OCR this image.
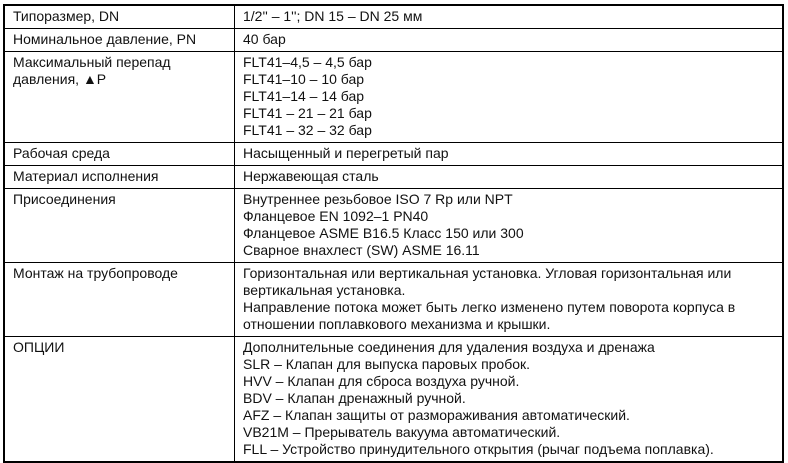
Типоразмер, DN	1/2'' – 1''; DN 15 – DN 25 мм

Номинальное давление, PN	40 бар

Максимальный перепад давления, ▲P	FLT41–4,5 – 4,5 бар
FLT41–10 – 10 бар
FLT41–14 – 14 бар
FLT41 – 21 – 21 бар
FLT41 – 32 – 32 бар

Рабочая среда	Насыщенный и перегретый пар

Материал исполнения	Нержавеющая сталь

Присоединения	Внутреннее резьбовое ISO 7 Rp или NPT
Фланцевое EN 1092–1 PN40
Фланцевое ASME B16.5 Класс 150 или 300
Сварное внахлест (SW) ASME 16.11

Монтаж на трубопроводе	Горизонтальная или вертикальная установка. Угловая горизонтальная или вертикальная установка.
Направление потока может быть легко изменено путем поворота корпуса в отношении поплавкового механизма и крышки.

ОПЦИИ	Дополнительные соединения для удаления воздуха и дренажа
SLR – Клапан для выпуска паровых пробок.
HVV – Клапан для сброса воздуха ручной.
BDV – Клапан дренажный ручной.
AFZ – Клапан защиты от размораживания автоматический.
VB21M – Прерыватель вакуума автоматический.
FLL – Устройство принудительного открытия (рычаг подъема поплавка).
